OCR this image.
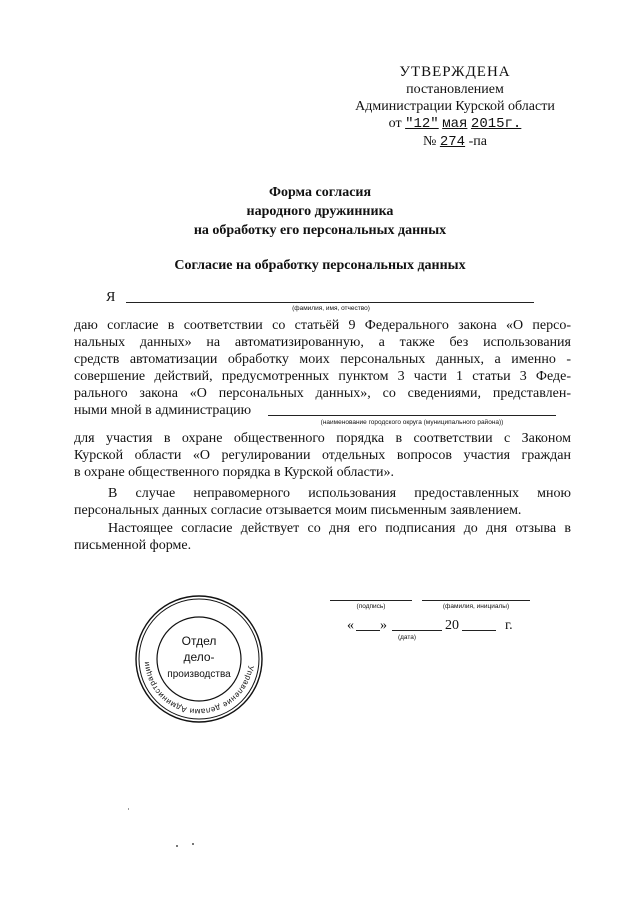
УТВЕРЖДЕНА
постановлением
Администрации Курской области
от "12" мая 2015г.
№ 274 -па
Форма согласия
народного дружинника
на обработку его персональных данных
Согласие на обработку персональных данных
Я
(фамилия, имя, отчество)
даю согласие в соответствии со статьёй 9 Федерального закона «О перcо-
нальных данных» на автоматизированную, а также без использования
средств автоматизации обработку моих персональных данных, а именно -
совершение действий, предусмотренных пунктом 3 части 1 статьи 3 Феде-
рального закона «О персональных данных», со сведениями, представлен-
ными мной в администрацию
(наименование городского округа (муниципального района))
для участия в охране общественного порядка в соответствии с Законом
Курской области «О регулировании отдельных вопросов участия граждан
в охране общественного порядка в Курской области».
В случае неправомерного использования предоставленных мною
персональных данных согласие отзывается моим письменным заявлением.
Настоящее согласие действует со дня его подписания до дня отзыва в
письменной форме.
(подпись)	(фамилия, инициалы)
« »	20	г.
(дата)
Управление делами Администрации
Отдел
дело-
производства
